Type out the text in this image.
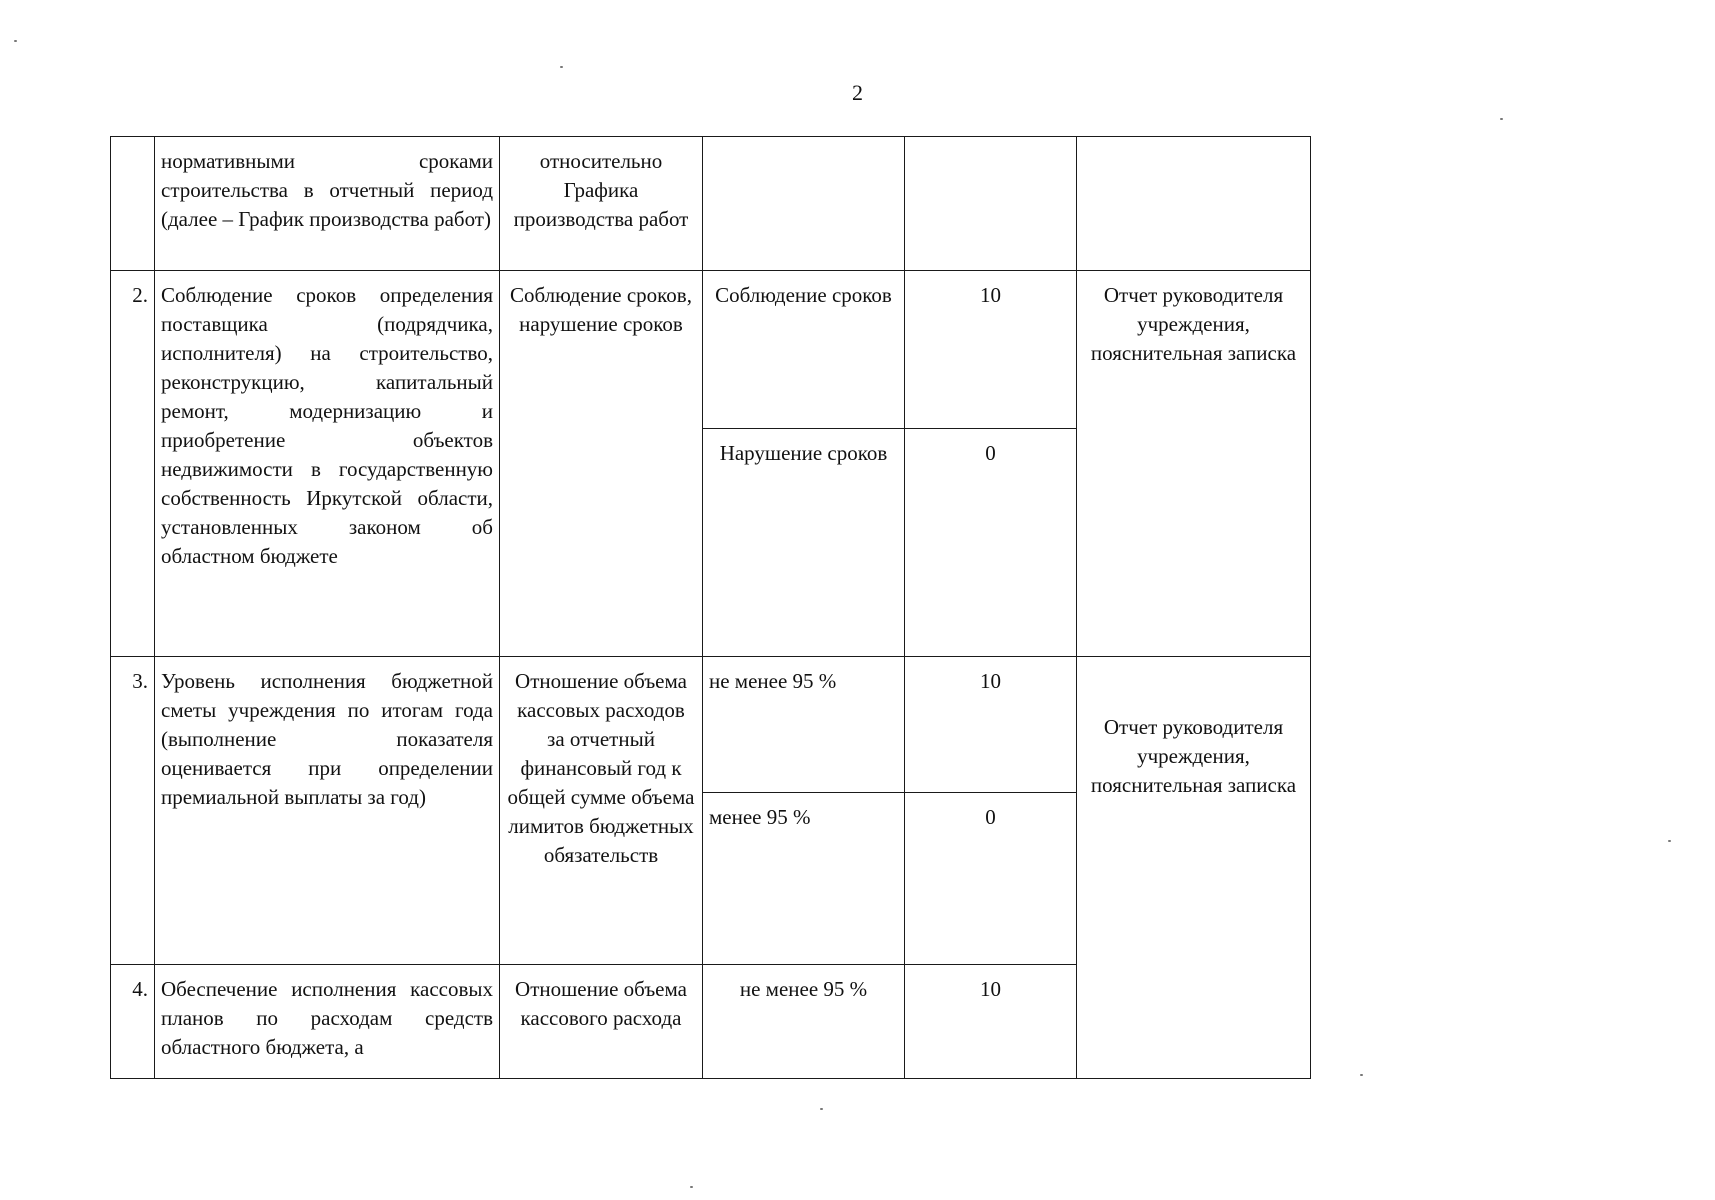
2
	нормативными сроками строительства в отчетный период (далее – График производства работ)	относительно Графика производства работ			
2.	Соблюдение сроков определения поставщика (подрядчика, исполнителя) на строительство, реконструкцию, капитальный ремонт, модернизацию и приобретение объектов недвижимости в государственную собственность Иркутской области, установленных законом об областном бюджете	Соблюдение сроков, нарушение сроков	Соблюдение сроков	10	Отчет руководителя учреждения, пояснительная записка
			Нарушение сроков	0	
3.	Уровень исполнения бюджетной сметы учреждения по итогам года (выполнение показателя оценивается при определении премиальной выплаты за год)	Отношение объема кассовых расходов за отчетный финансовый год к общей сумме объема лимитов бюджетных обязательств	не менее 95 %	10	Отчет руководителя учреждения, пояснительная записка
			менее 95 %	0	
4.	Обеспечение исполнения кассовых планов по расходам средств областного бюджета, а	Отношение объема кассового расхода	не менее 95 %	10	
